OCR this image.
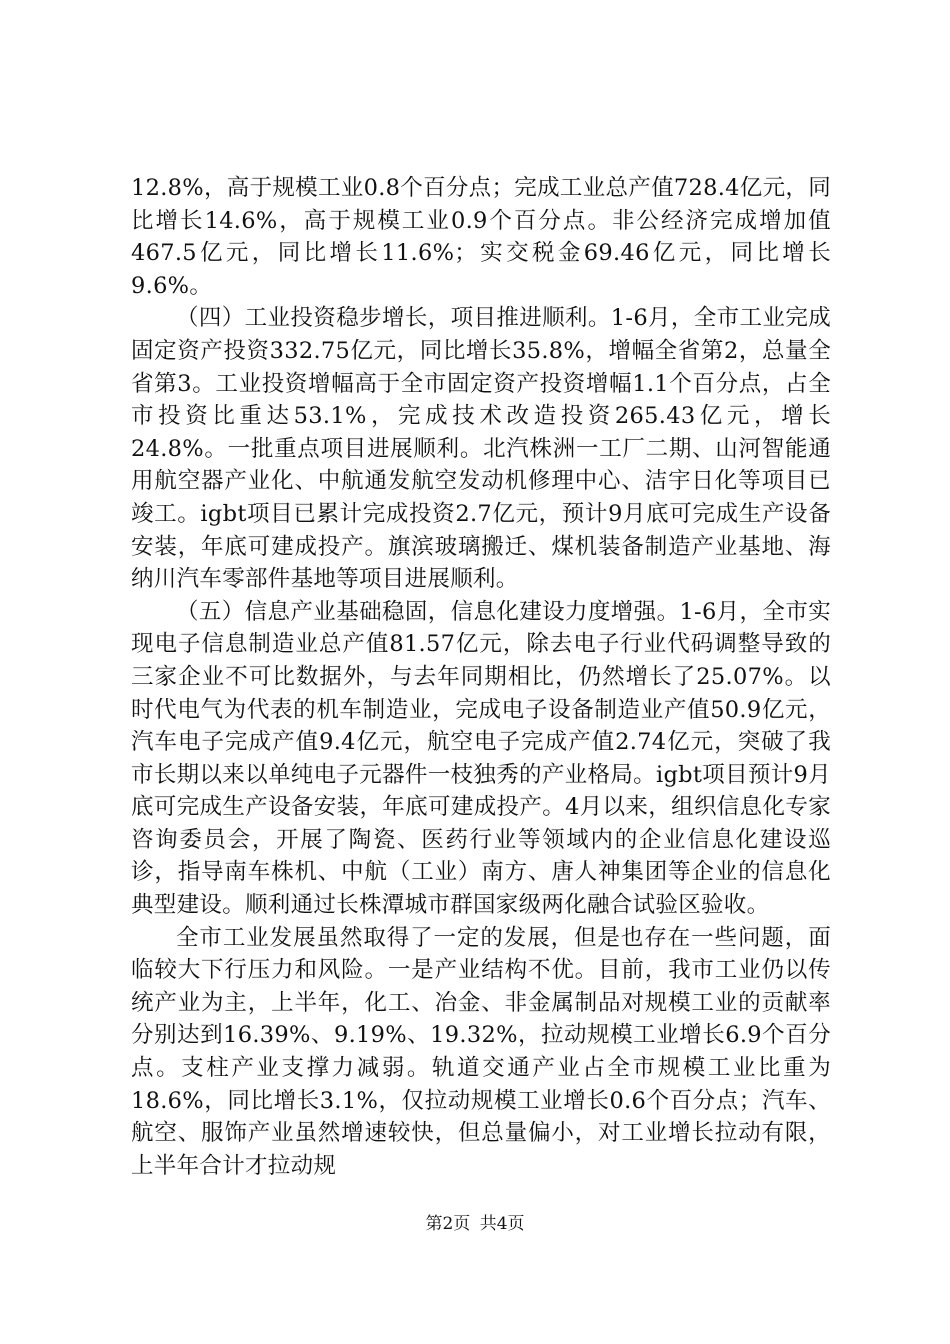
12.8%，高于规模工业0.8个百分点；完成工业总产值728.4亿元，同比增长14.6%，高于规模工业0.9个百分点。非公经济完成增加值467.5亿元，同比增长11.6%；实交税金69.46亿元，同比增长9.6%。

（四）工业投资稳步增长，项目推进顺利。1-6月，全市工业完成固定资产投资332.75亿元，同比增长35.8%，增幅全省第2，总量全省第3。工业投资增幅高于全市固定资产投资增幅1.1个百分点，占全市投资比重达53.1%，完成技术改造投资265.43亿元，增长24.8%。一批重点项目进展顺利。北汽株洲一工厂二期、山河智能通用航空器产业化、中航通发航空发动机修理中心、洁宇日化等项目已竣工。igbt项目已累计完成投资2.7亿元，预计9月底可完成生产设备安装，年底可建成投产。旗滨玻璃搬迁、煤机装备制造产业基地、海纳川汽车零部件基地等项目进展顺利。

（五）信息产业基础稳固，信息化建设力度增强。1-6月，全市实现电子信息制造业总产值81.57亿元，除去电子行业代码调整导致的三家企业不可比数据外，与去年同期相比，仍然增长了25.07%。以时代电气为代表的机车制造业，完成电子设备制造业产值50.9亿元，汽车电子完成产值9.4亿元，航空电子完成产值2.74亿元，突破了我市长期以来以单纯电子元器件一枝独秀的产业格局。igbt项目预计9月底可完成生产设备安装，年底可建成投产。4月以来，组织信息化专家咨询委员会，开展了陶瓷、医药行业等领域内的企业信息化建设巡诊，指导南车株机、中航（工业）南方、唐人神集团等企业的信息化典型建设。顺利通过长株潭城市群国家级两化融合试验区验收。

全市工业发展虽然取得了一定的发展，但是也存在一些问题，面临较大下行压力和风险。一是产业结构不优。目前，我市工业仍以传统产业为主，上半年，化工、冶金、非金属制品对规模工业的贡献率分别达到16.39%、9.19%、19.32%，拉动规模工业增长6.9个百分点。支柱产业支撑力减弱。轨道交通产业占全市规模工业比重为18.6%，同比增长3.1%，仅拉动规模工业增长0.6个百分点；汽车、航空、服饰产业虽然增速较快，但总量偏小，对工业增长拉动有限，上半年合计才拉动规

第2页 共4页
